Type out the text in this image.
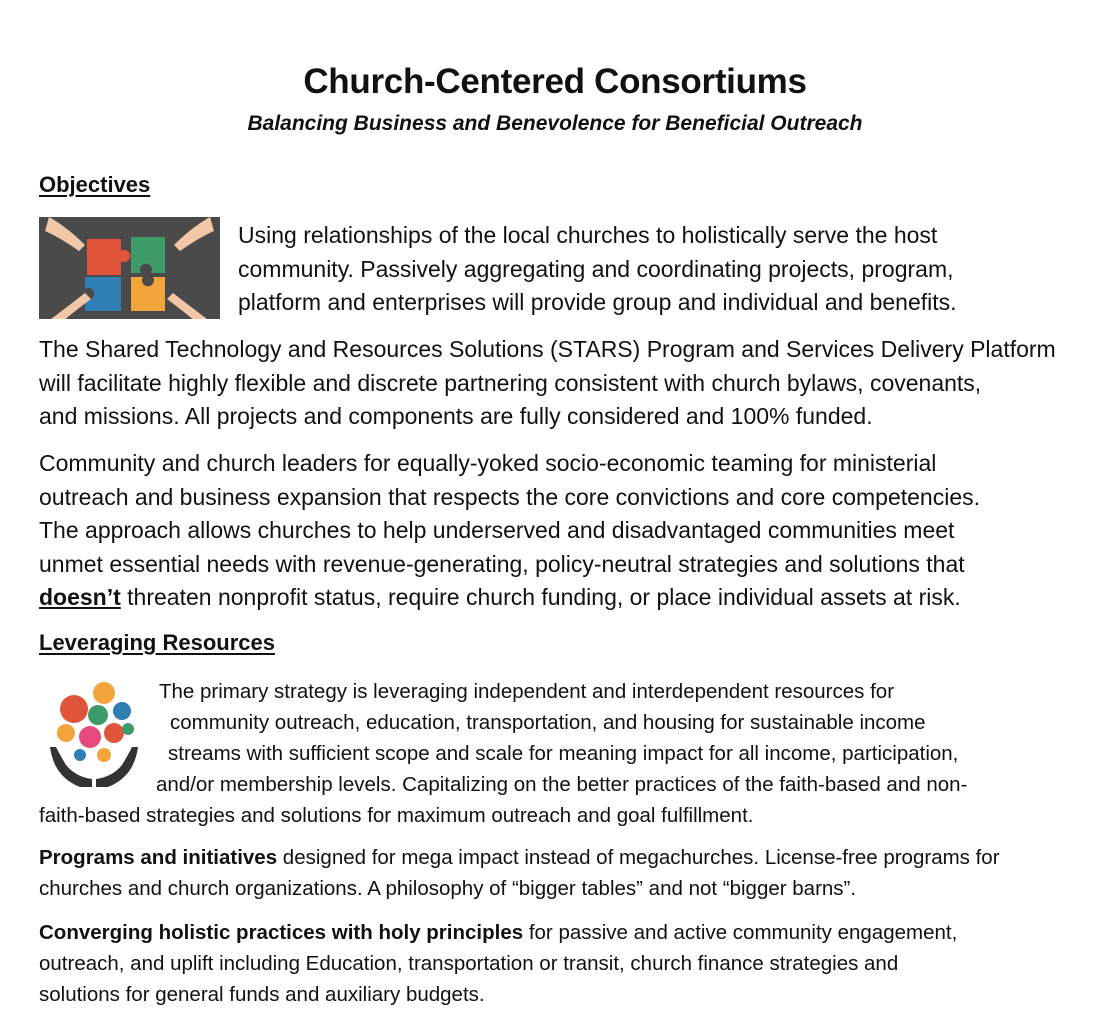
Church-Centered Consortiums
Balancing Business and Benevolence for Beneficial Outreach
Objectives

Using relationships of the local churches to holistically serve the host
community. Passively aggregating and coordinating projects, program,
platform and enterprises will provide group and individual and benefits.

The Shared Technology and Resources Solutions (STARS) Program and Services Delivery Platform
will facilitate highly flexible and discrete partnering consistent with church bylaws, covenants,
and missions. All projects and components are fully considered and 100% funded.

Community and church leaders for equally-yoked socio-economic teaming for ministerial
outreach and business expansion that respects the core convictions and core competencies.
The approach allows churches to help underserved and disadvantaged communities meet
unmet essential needs with revenue-generating, policy-neutral strategies and solutions that
doesn’t threaten nonprofit status, require church funding, or place individual assets at risk.

Leveraging Resources

The primary strategy is leveraging independent and interdependent resources for
community outreach, education, transportation, and housing for sustainable income
streams with sufficient scope and scale for meaning impact for all income, participation,
and/or membership levels. Capitalizing on the better practices of the faith-based and non-
faith-based strategies and solutions for maximum outreach and goal fulfillment.

Programs and initiatives designed for mega impact instead of megachurches. License-free programs for
churches and church organizations. A philosophy of “bigger tables” and not “bigger barns”.

Converging holistic practices with holy principles for passive and active community engagement,
outreach, and uplift including Education, transportation or transit, church finance strategies and
solutions for general funds and auxiliary budgets.
